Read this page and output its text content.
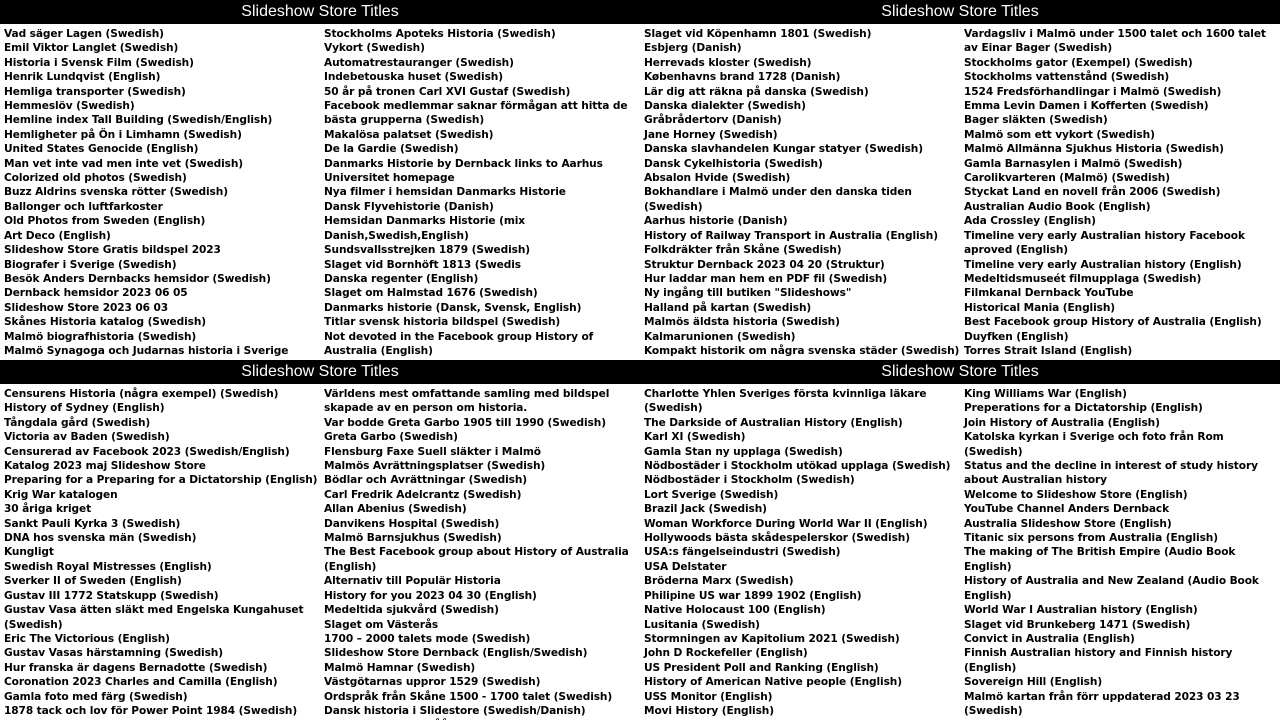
Slideshow Store Titles
Vad säger Lagen (Swedish)
Emil Viktor Langlet (Swedish)
Historia i Svensk Film (Swedish)
Henrik Lundqvist (English)
Hemliga transporter (Swedish)
Hemmeslöv (Swedish)
Hemline index Tall Building (Swedish/English)
Hemligheter på Ön i Limhamn (Swedish)
United States Genocide (English)
Man vet inte vad men inte vet (Swedish)
Colorized old photos (Swedish)
Buzz Aldrins svenska rötter (Swedish)
Ballonger och luftfarkoster
Old Photos from Sweden (English)
Art Deco (English)
Slideshow Store Gratis bildspel 2023
Biografer i Sverige (Swedish)
Besök Anders Dernbacks hemsidor (Swedish)
Dernback hemsidor 2023 06 05
Slideshow Store 2023 06 03
Skånes Historia katalog (Swedish)
Malmö biografhistoria (Swedish)
Malmö Synagoga och Judarnas historia i Sverige
Stockholms Apoteks Historia (Swedish)
Vykort (Swedish)
Automatrestauranger (Swedish)
Indebetouska huset (Swedish)
50 år på tronen Carl XVI Gustaf (Swedish)
Facebook medlemmar saknar förmågan att hitta de bästa grupperna (Swedish)
Makalösa palatset (Swedish)
De la Gardie (Swedish)
Danmarks Historie by Dernback links to Aarhus Universitet homepage
Nya filmer i hemsidan Danmarks Historie
Dansk Flyvehistorie (Danish)
Hemsidan Danmarks Historie (mix Danish,Swedish,English)
Sundsvallsstrejken 1879 (Swedish)
Slaget vid Bornhöft 1813 (Swedis
Danska regenter (English)
Slaget om Halmstad 1676 (Swedish)
Danmarks historie (Dansk, Svensk, English)
Titlar svensk historia bildspel (Swedish)
Not devoted in the Facebook group History of Australia (English)
Slideshow Store Titles
Slaget vid Köpenhamn 1801 (Swedish)
Esbjerg (Danish)
Herrevads kloster (Swedish)
Københavns brand 1728 (Danish)
Lär dig att räkna på danska (Swedish)
Danska dialekter (Swedish)
Gråbrådertorv (Danish)
Jane Horney (Swedish)
Danska slavhandelen Kungar statyer (Swedish)
Dansk Cykelhistoria (Swedish)
Absalon Hvide (Swedish)
Bokhandlare i Malmö under den danska tiden (Swedish)
Aarhus historie (Danish)
History of Railway Transport in Australia (English)
Folkdräkter från Skåne (Swedish)
Struktur Dernback 2023 04 20 (Struktur)
Hur laddar man hem en PDF fil (Swedish)
Ny ingång till butiken "Slideshows"
Halland på kartan (Swedish)
Malmös äldsta historia (Swedish)
Kalmarunionen (Swedish)
Kompakt historik om några svenska städer (Swedish)
Vardagsliv i Malmö under 1500 talet och 1600 talet av Einar Bager (Swedish)
Stockholms gator (Exempel) (Swedish)
Stockholms vattenstånd (Swedish)
1524 Fredsförhandlingar i Malmö (Swedish)
Emma Levin Damen i Kofferten (Swedish)
Bager släkten (Swedish)
Malmö som ett vykort (Swedish)
Malmö Allmänna Sjukhus Historia (Swedish)
Gamla Barnasylen i Malmö (Swedish)
Carolikvarteren (Malmö) (Swedish)
Styckat Land en novell från 2006 (Swedish)
Australian Audio Book (English)
Ada Crossley (English)
Timeline very early Australian history Facebook aproved (English)
Timeline very early Australian history (English)
Medeltidsmuseét filmupplaga (Swedish)
Filmkanal Dernback YouTube
Historical Mania (English)
Best Facebook group History of Australia (English)
Duyfken (English)
Torres Strait Island (English)
Slideshow Store Titles
Censurens Historia (några exempel) (Swedish)
History of Sydney (English)
Tångdala gård (Swedish)
Victoria av Baden (Swedish)
Censurerad av Facebook 2023 (Swedish/English)
Katalog 2023 maj Slideshow Store
Preparing for a Preparing for a Dictatorship (English)
Krig War katalogen
30 åriga kriget
Sankt Pauli Kyrka 3 (Swedish)
DNA hos svenska män (Swedish)
Kungligt
Swedish Royal Mistresses (English)
Sverker II of Sweden (English)
Gustav III 1772 Statskupp (Swedish)
Gustav Vasa ätten släkt med Engelska Kungahuset (Swedish)
Eric The Victorious (English)
Gustav Vasas härstamning (Swedish)
Hur franska är dagens Bernadotte (Swedish)
Coronation 2023 Charles and Camilla (English)
Gamla foto med färg (Swedish)
1878 tack och lov för Power Point 1984 (Swedish)
Världens mest omfattande samling med bildspel skapade av en person om historia.
Var bodde Greta Garbo 1905 till 1990 (Swedish)
Greta Garbo (Swedish)
Flensburg Faxe Suell släkter i Malmö
Malmös Avrättningsplatser (Swedish)
Bödlar och Avrättningar (Swedish)
Carl Fredrik Adelcrantz (Swedish)
Allan Abenius (Swedish)
Danvikens Hospital (Swedish)
Malmö Barnsjukhus (Swedish)
The Best Facebook group about History of Australia (English)
Alternativ till Populär Historia
History for you 2023 04 30 (English)
Medeltida sjukvård (Swedish)
Slaget om Västerås
1700 – 2000 talets mode (Swedish)
Slideshow Store Dernback (English/Swedish)
Malmö Hamnar (Swedish)
Västgötarnas uppror 1529 (Swedish)
Ordspråk från Skåne 1500 - 1700 talet (Swedish)
Dansk historia i Slidestore (Swedish/Danish)
Slideshow Store Titles
Charlotte Yhlen Sveriges första kvinnliga läkare (Swedish)
The Darkside of Australian History (English)
Karl XI (Swedish)
Gamla Stan ny upplaga (Swedish)
Nödbostäder i Stockholm utökad upplaga (Swedish)
Nödbostäder i Stockholm (Swedish)
Lort Sverige (Swedish)
Brazil Jack (Swedish)
Woman Workforce During World War II (English)
Hollywoods bästa skådespelerskor (Swedish)
USA:s fängelseindustri (Swedish)
USA Delstater
Bröderna Marx (Swedish)
Philipine US war 1899 1902 (English)
Native Holocaust 100 (English)
Lusitania (Swedish)
Stormningen av Kapitolium 2021 (Swedish)
John D Rockefeller (English)
US President Poll and Ranking (English)
History of American Native people (English)
USS Monitor (English)
Movi History (English)
King Williams War (English)
Preperations for a Dictatorship (English)
Join History of Australia (English)
Katolska kyrkan i Sverige och foto från Rom (Swedish)
Status and the decline in interest of study history about Australian history
Welcome to Slideshow Store (English)
YouTube Channel Anders Dernback
Australia Slideshow Store (English)
Titanic six persons from Australia (English)
The making of The British Empire (Audio Book English)
History of Australia and New Zealand (Audio Book English)
World War I Australian history (English)
Slaget vid Brunkeberg 1471 (Swedish)
Convict in Australia (English)
Finnish Australian history and Finnish history (English)
Sovereign Hill (English)
Malmö kartan från förr uppdaterad 2023 03 23 (Swedish)
